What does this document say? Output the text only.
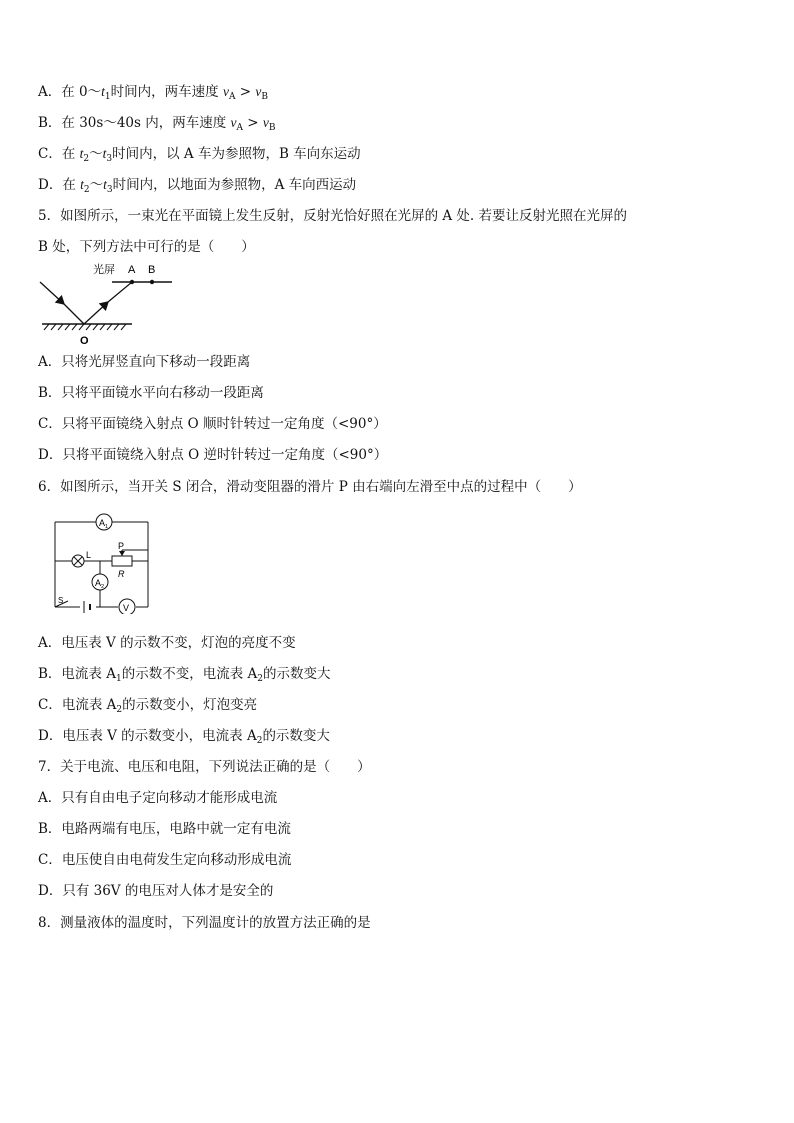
A．在 $0\sim t_1$时间内，两车速度 $v_A > v_B$
B．在 30s～40s 内，两车速度 $v_A > v_B$
C．在 $t_2\sim t_3$时间内，以 A 车为参照物，B 车向东运动
D．在 $t_2\sim t_3$时间内，以地面为参照物，A 车向西运动
5．如图所示，一束光在平面镜上发生反射，反射光恰好照在光屏的 A 处. 若要让反射光照在光屏的
B 处，下列方法中可行的是（　　）
光屏 A B
O
A．只将光屏竖直向下移动一段距离
B．只将平面镜水平向右移动一段距离
C．只将平面镜绕入射点 O 顺时针转过一定角度（<90°）
D．只将平面镜绕入射点 O 逆时针转过一定角度（<90°）
6．如图所示，当开关 S 闭合，滑动变阻器的滑片 P 由右端向左滑至中点的过程中（　　）
A 1
A 2
V
L
P
R
S
A．电压表 V 的示数不变，灯泡的亮度不变
B．电流表 $A_1$的示数不变，电流表 $A_2$的示数变大
C．电流表 $A_2$的示数变小，灯泡变亮
D．电压表 V 的示数变小，电流表 $A_2$的示数变大
7．关于电流、电压和电阻，下列说法正确的是（　　）
A．只有自由电子定向移动才能形成电流
B．电路两端有电压，电路中就一定有电流
C．电压使自由电荷发生定向移动形成电流
D．只有 36V 的电压对人体才是安全的
8．测量液体的温度时，下列温度计的放置方法正确的是
